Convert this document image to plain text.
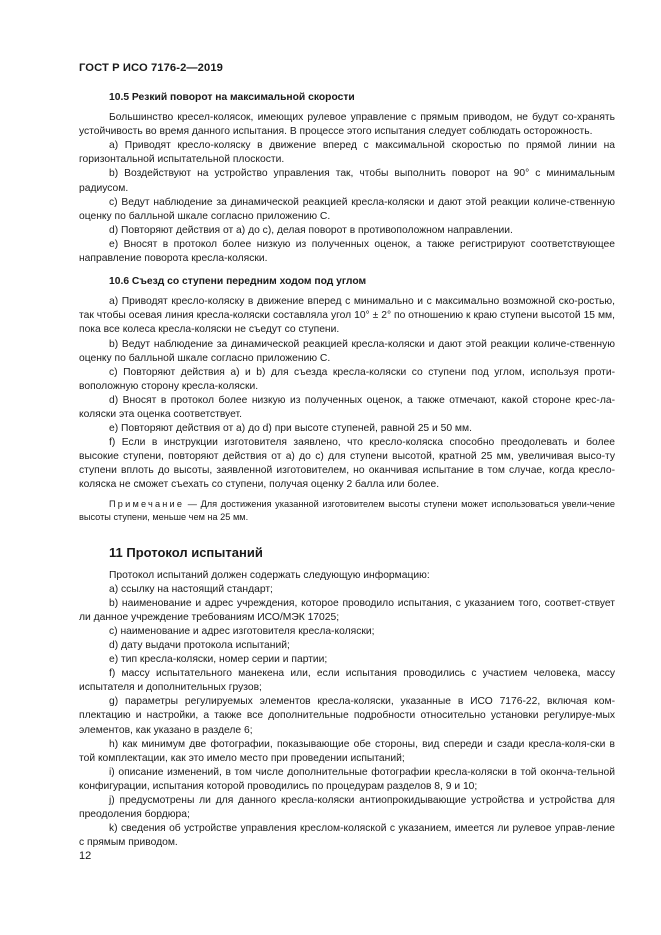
ГОСТ Р ИСО 7176-2—2019

10.5 Резкий поворот на максимальной скорости

Большинство кресел-колясок, имеющих рулевое управление с прямым приводом, не будут со-хранять устойчивость во время данного испытания. В процессе этого испытания следует соблюдать осторожность.

a) Приводят кресло-коляску в движение вперед с максимальной скоростью по прямой линии на горизонтальной испытательной плоскости.

b) Воздействуют на устройство управления так, чтобы выполнить поворот на 90° с минимальным радиусом.

c) Ведут наблюдение за динамической реакцией кресла-коляски и дают этой реакции количе-ственную оценку по балльной шкале согласно приложению С.

d) Повторяют действия от а) до с), делая поворот в противоположном направлении.

е) Вносят в протокол более низкую из полученных оценок, а также регистрируют соответствующее направление поворота кресла-коляски.

10.6 Съезд со ступени передним ходом под углом

а) Приводят кресло-коляску в движение вперед с минимально и с максимально возможной ско-ростью, так чтобы осевая линия кресла-коляски составляла угол 10° ± 2° по отношению к краю ступени высотой 15 мм, пока все колеса кресла-коляски не съедут со ступени.

b) Ведут наблюдение за динамической реакцией кресла-коляски и дают этой реакции количе-ственную оценку по балльной шкале согласно приложению С.

с) Повторяют действия а) и b) для съезда кресла-коляски со ступени под углом, используя проти-воположную сторону кресла-коляски.

d) Вносят в протокол более низкую из полученных оценок, а также отмечают, какой стороне крес-ла-коляски эта оценка соответствует.

е) Повторяют действия от а) до d) при высоте ступеней, равной 25 и 50 мм.

f) Если в инструкции изготовителя заявлено, что кресло-коляска способно преодолевать и более высокие ступени, повторяют действия от а) до с) для ступени высотой, кратной 25 мм, увеличивая высо-ту ступени вплоть до высоты, заявленной изготовителем, но оканчивая испытание в том случае, когда кресло-коляска не сможет съехать со ступени, получая оценку 2 балла или более.

Примечание — Для достижения указанной изготовителем высоты ступени может использоваться увели-чение высоты ступени, меньше чем на 25 мм.

11 Протокол испытаний

Протокол испытаний должен содержать следующую информацию:

а) ссылку на настоящий стандарт;

b) наименование и адрес учреждения, которое проводило испытания, с указанием того, соответ-ствует ли данное учреждение требованиям ИСО/МЭК 17025;

с) наименование и адрес изготовителя кресла-коляски;

d) дату выдачи протокола испытаний;

е) тип кресла-коляски, номер серии и партии;

f) массу испытательного манекена или, если испытания проводились с участием человека, массу испытателя и дополнительных грузов;

g) параметры регулируемых элементов кресла-коляски, указанные в ИСО 7176-22, включая ком-плектацию и настройки, а также все дополнительные подробности относительно установки регулируе-мых элементов, как указано в разделе 6;

h) как минимум две фотографии, показывающие обе стороны, вид спереди и сзади кресла-коля-ски в той комплектации, как это имело место при проведении испытаний;

i) описание изменений, в том числе дополнительные фотографии кресла-коляски в той оконча-тельной конфигурации, испытания которой проводились по процедурам разделов 8, 9 и 10;

j) предусмотрены ли для данного кресла-коляски антиопрокидывающие устройства и устройства для преодоления бордюра;

k) сведения об устройстве управления креслом-коляской с указанием, имеется ли рулевое управ-ление с прямым приводом.

12
